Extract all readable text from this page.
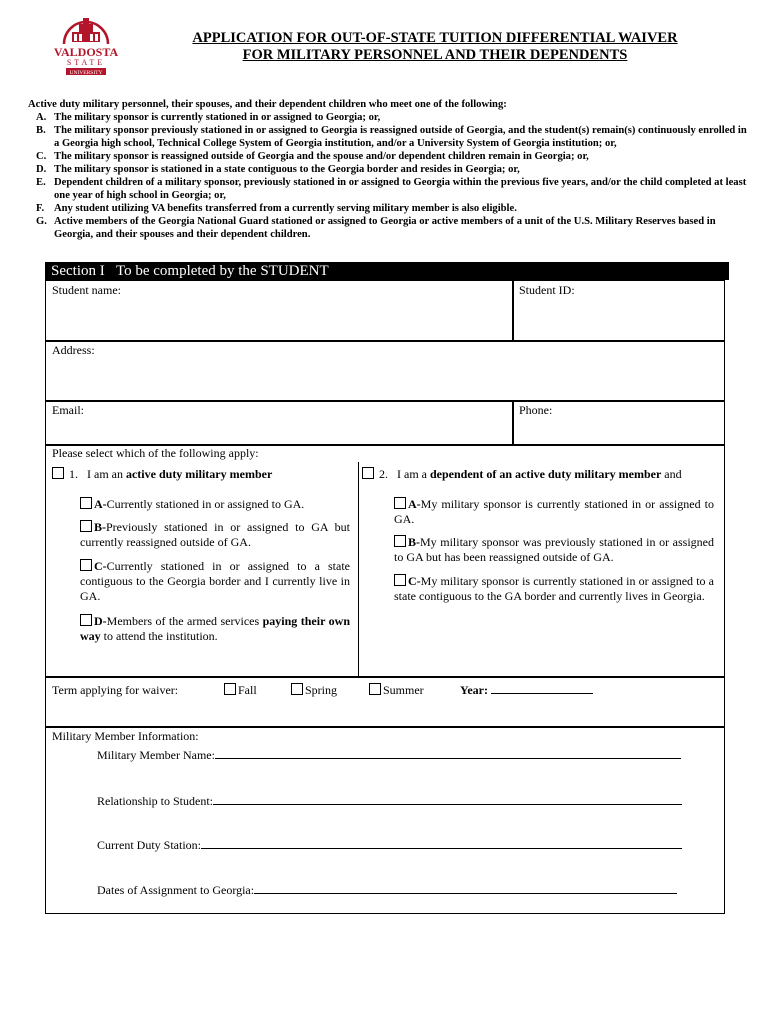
VALDOSTA
STATE
UNIVERSITY
APPLICATION FOR OUT-OF-STATE TUITION DIFFERENTIAL WAIVER
FOR MILITARY PERSONNEL AND THEIR DEPENDENTS
Active duty military personnel, their spouses, and their dependent children who meet one of the following:
A. The military sponsor is currently stationed in or assigned to Georgia; or,
B. The military sponsor previously stationed in or assigned to Georgia is reassigned outside of Georgia, and the student(s) remain(s) continuously enrolled in a Georgia high school, Technical College System of Georgia institution, and/or a University System of Georgia institution; or,
C. The military sponsor is reassigned outside of Georgia and the spouse and/or dependent children remain in Georgia; or,
D. The military sponsor is stationed in a state contiguous to the Georgia border and resides in Georgia; or,
E. Dependent children of a military sponsor, previously stationed in or assigned to Georgia within the previous five years, and/or the child completed at least one year of high school in Georgia; or,
F. Any student utilizing VA benefits transferred from a currently serving military member is also eligible.
G. Active members of the Georgia National Guard stationed or assigned to Georgia or active members of a unit of the U.S. Military Reserves based in Georgia, and their spouses and their dependent children.
Section I To be completed by the STUDENT
Student name:	Student ID:
Address:
Email:	Phone:
Please select which of the following apply:
1. I am an active duty military member
A-Currently stationed in or assigned to GA.
B-Previously stationed in or assigned to GA but currently reassigned outside of GA.
C-Currently stationed in or assigned to a state contiguous to the Georgia border and I currently live in GA.
D-Members of the armed services paying their own way to attend the institution.
2. I am a dependent of an active duty military member and
A-My military sponsor is currently stationed in or assigned to GA.
B-My military sponsor was previously stationed in or assigned to GA but has been reassigned outside of GA.
C-My military sponsor is currently stationed in or assigned to a state contiguous to the GA border and currently lives in Georgia.
Term applying for waiver:	Fall	Spring	Summer	Year:
Military Member Information:
Military Member Name:
Relationship to Student:
Current Duty Station:
Dates of Assignment to Georgia:
